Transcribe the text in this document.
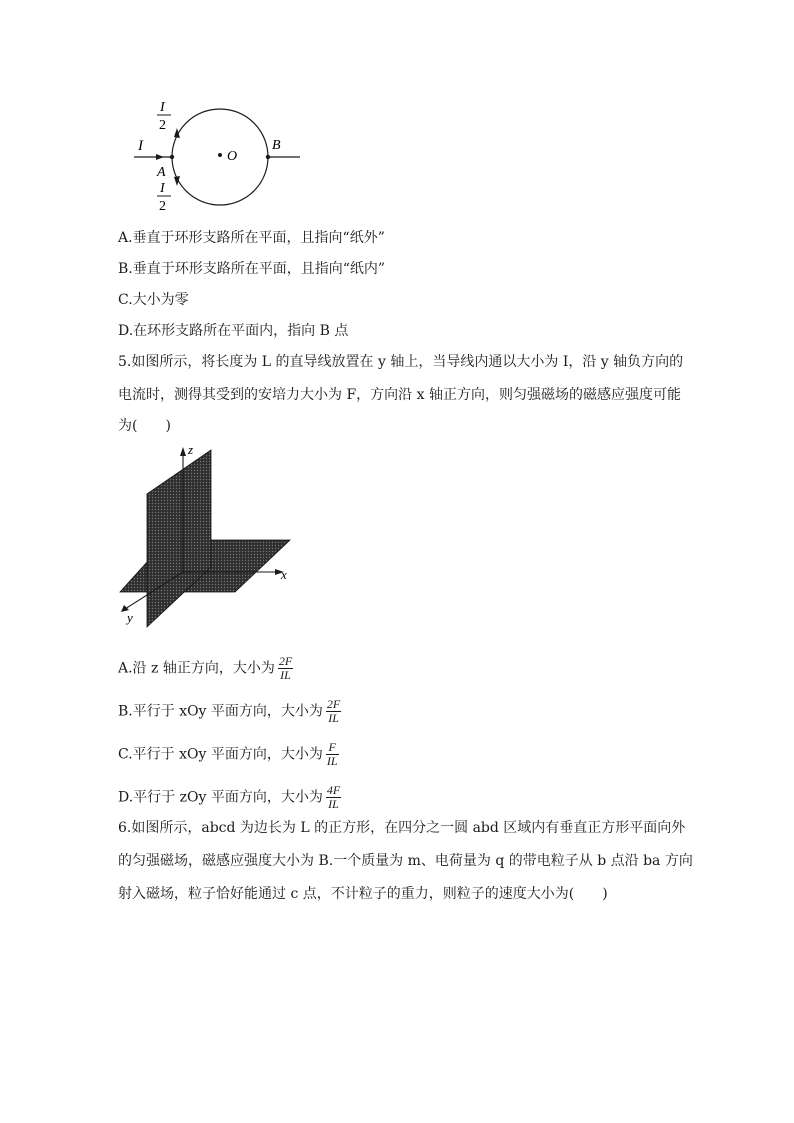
I
I
2
A
I
2
O
B
A.垂直于环形支路所在平面，且指向“纸外”
B.垂直于环形支路所在平面，且指向“纸内”
C.大小为零
D.在环形支路所在平面内，指向 B 点
5.如图所示，将长度为 L 的直导线放置在 y 轴上，当导线内通以大小为 I，沿 y 轴负方向的
电流时，测得其受到的安培力大小为 F，方向沿 x 轴正方向，则匀强磁场的磁感应强度可能
为(　　)
z
x
y
A.沿 z 轴正方向，大小为 $\frac{2F}{IL}$
B.平行于 xOy 平面方向，大小为 $\frac{2F}{IL}$
C.平行于 xOy 平面方向，大小为 $\frac{F}{IL}$
D.平行于 zOy 平面方向，大小为 $\frac{4F}{IL}$
6.如图所示，abcd 为边长为 L 的正方形，在四分之一圆 abd 区域内有垂直正方形平面向外
的匀强磁场，磁感应强度大小为 B.一个质量为 m、电荷量为 q 的带电粒子从 b 点沿 ba 方向
射入磁场，粒子恰好能通过 c 点，不计粒子的重力，则粒子的速度大小为(　　)
